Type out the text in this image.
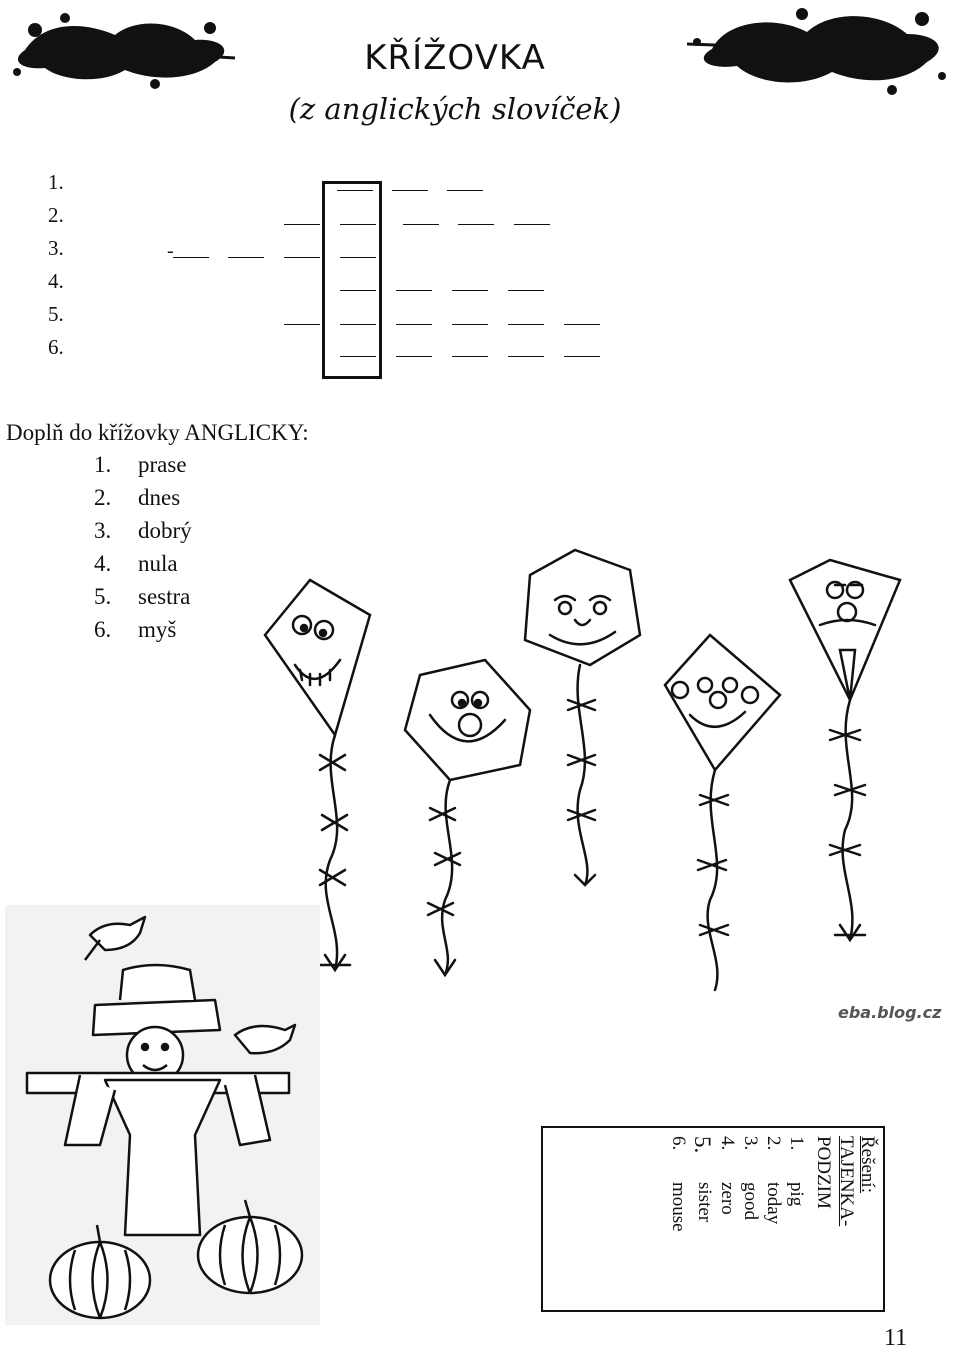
KŘÍŽOVKA
(z anglických slovíček)
1.
2.
3.
4.
5.
6.
-
Doplň do křížovky ANGLICKY:
1. prase
2. dnes
3. dobrý
4. nula
5. sestra
6. myš
eba.blog.cz
Řešení:
TAJENKA-
PODZIM
1.
pig
2.
today
3.
good
4.
zero
5.
sister
6.
mouse
11
